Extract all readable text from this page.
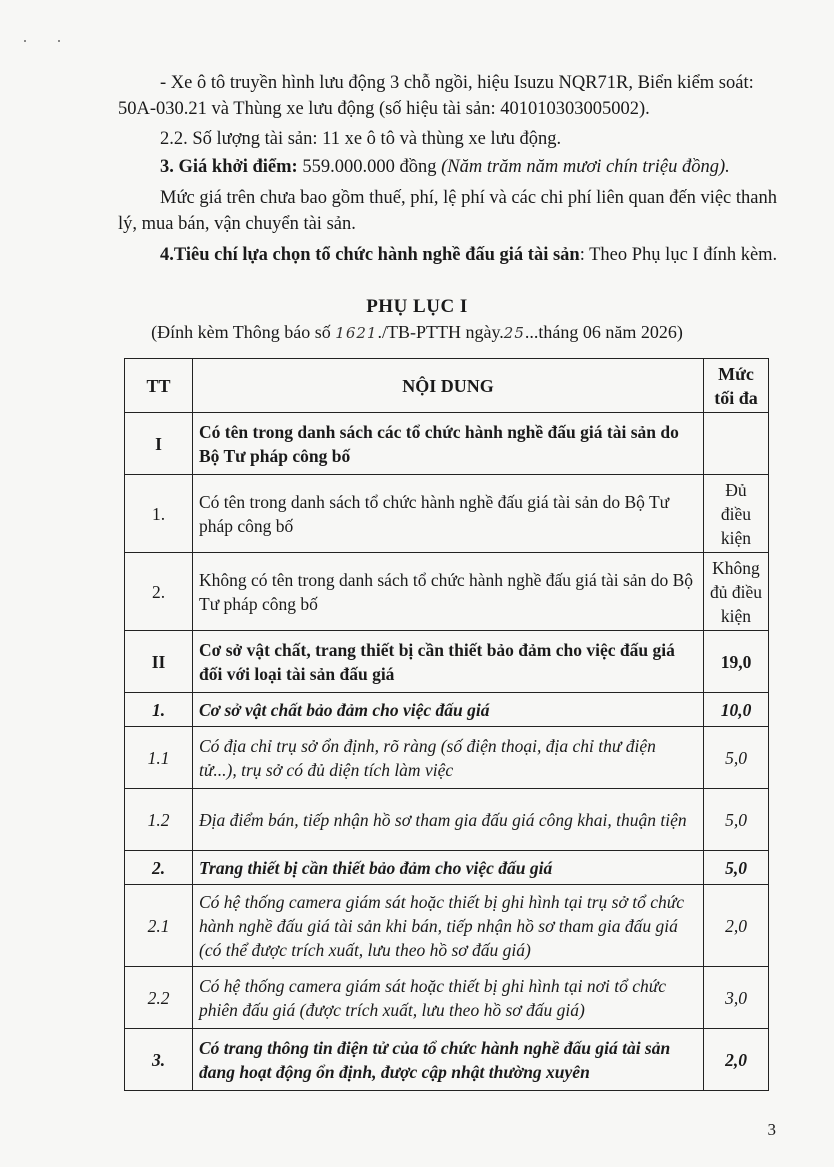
- Xe ô tô truyền hình lưu động 3 chỗ ngồi, hiệu Isuzu NQR71R, Biển kiểm soát: 50A-030.21 và Thùng xe lưu động (số hiệu tài sản: 401010303005002).

2.2. Số lượng tài sản: 11 xe ô tô và thùng xe lưu động.

3. Giá khởi điểm: 559.000.000 đồng (Năm trăm năm mươi chín triệu đồng).

Mức giá trên chưa bao gồm thuế, phí, lệ phí và các chi phí liên quan đến việc thanh lý, mua bán, vận chuyển tài sản.

4.Tiêu chí lựa chọn tổ chức hành nghề đấu giá tài sản: Theo Phụ lục I đính kèm.

PHỤ LỤC I
(Đính kèm Thông báo số 1621./TB-PTTH ngày.25...tháng 06 năm 2026)
TT	NỘI DUNG	Mức tối đa
I	Có tên trong danh sách các tổ chức hành nghề đấu giá tài sản do Bộ Tư pháp công bố	
1.	Có tên trong danh sách tổ chức hành nghề đấu giá tài sản do Bộ Tư pháp công bố	Đủ điều kiện
2.	Không có tên trong danh sách tổ chức hành nghề đấu giá tài sản do Bộ Tư pháp công bố	Không đủ điều kiện
II	Cơ sở vật chất, trang thiết bị cần thiết bảo đảm cho việc đấu giá đối với loại tài sản đấu giá	19,0
1.	Cơ sở vật chất bảo đảm cho việc đấu giá	10,0
1.1	Có địa chỉ trụ sở ổn định, rõ ràng (số điện thoại, địa chỉ thư điện tử...), trụ sở có đủ diện tích làm việc	5,0
1.2	Địa điểm bán, tiếp nhận hồ sơ tham gia đấu giá công khai, thuận tiện	5,0
2.	Trang thiết bị cần thiết bảo đảm cho việc đấu giá	5,0
2.1	Có hệ thống camera giám sát hoặc thiết bị ghi hình tại trụ sở tổ chức hành nghề đấu giá tài sản khi bán, tiếp nhận hồ sơ tham gia đấu giá (có thể được trích xuất, lưu theo hồ sơ đấu giá)	2,0
2.2	Có hệ thống camera giám sát hoặc thiết bị ghi hình tại nơi tổ chức phiên đấu giá (được trích xuất, lưu theo hồ sơ đấu giá)	3,0
3.	Có trang thông tin điện tử của tổ chức hành nghề đấu giá tài sản đang hoạt động ổn định, được cập nhật thường xuyên	2,0
3
